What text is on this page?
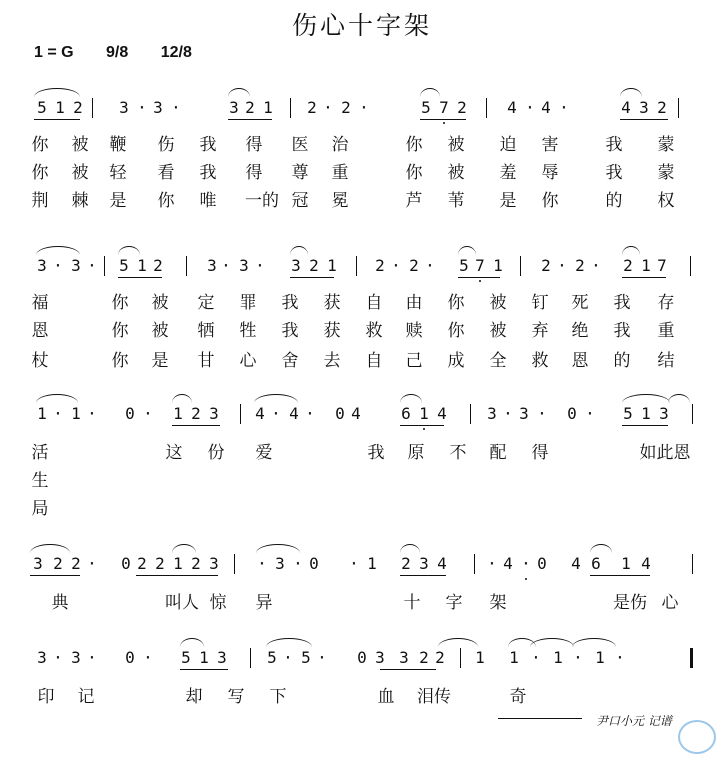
伤心十字架
1 = G 9/8 12/8
5 1 2 3 · 3 ·	3 2 1 2 · 2 ·	5 7 2	4 · 4 ·	4 3 2
你 被 鞭 伤 我 得 医 治	你 被 迫 害	我 蒙
你 被 轻 看 我 得 尊 重	你 被 羞 辱	我 蒙
荆 棘 是 你 唯 一的 冠 冕	芦 苇 是 你	的 权
3 · 3 · 5 1 2	3 · 3 · 3 2 1 2 · 2 · 5 7 1 2 · 2 · 2 1 7
福	你 被 定 罪 我 获 自 由 你 被 钉 死 我 存
恩	你 被 牺 牲 我 获 救 赎 你 被 弃 绝 我 重
杖	你 是 甘 心 舍 去 自 己 成 全 救 恩 的 结
1 · 1 · 0 · 1 2 3 4 · 4 · 0 4	6 1 4	3 · 3 · 0 · 5 1 3
活	这 份 爱	我 原 不 配 得	如此恩
生
局
3 2 2 · 0 2 2 1 2 3 · 3 · 0 · 1 2 3 4	· 4 · 0 4 6 1 4
典	叫人 惊 异	十 字 架	是伤 心
3 · 3 · 0 · 5 1 3	5 · 5 · 0 3 3 2 2 1 1 · 1 · 1 ·
印 记	却 写 下	血 泪传	奇
尹口小元 记谱
